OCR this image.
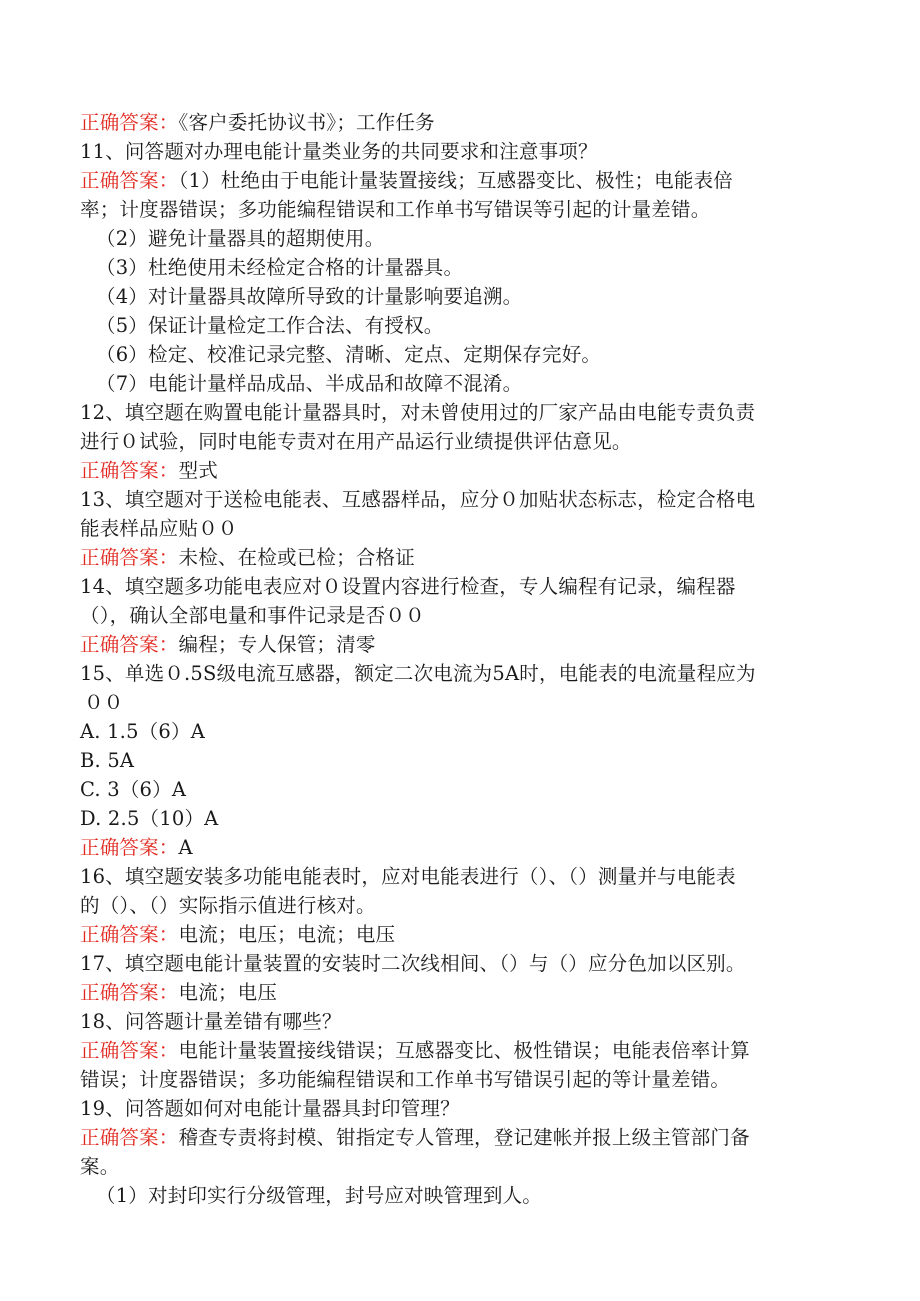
正确答案：《客户委托协议书》；工作任务
11、问答题对办理电能计量类业务的共同要求和注意事项？
正确答案：（1）杜绝由于电能计量装置接线；互感器变比、极性；电能表倍
率；计度器错误；多功能编程错误和工作单书写错误等引起的计量差错。
（2）避免计量器具的超期使用。
（3）杜绝使用未经检定合格的计量器具。
（4）对计量器具故障所导致的计量影响要追溯。
（5）保证计量检定工作合法、有授权。
（6）检定、校准记录完整、清晰、定点、定期保存完好。
（7）电能计量样品成品、半成品和故障不混淆。
12、填空题在购置电能计量器具时，对未曾使用过的厂家产品由电能专责负责
进行０试验，同时电能专责对在用产品运行业绩提供评估意见。
正确答案：型式
13、填空题对于送检电能表、互感器样品，应分０加贴状态标志，检定合格电
能表样品应贴００
正确答案：未检、在检或已检；合格证
14、填空题多功能电表应对０设置内容进行检查，专人编程有记录，编程器
（），确认全部电量和事件记录是否００
正确答案：编程；专人保管；清零
15、单选０.5S级电流互感器，额定二次电流为5A时，电能表的电流量程应为
００
A. 1.5（6）A
B. 5A
C. 3（6）A
D. 2.5（10）A
正确答案：A
16、填空题安装多功能电能表时，应对电能表进行（）、（）测量并与电能表
的（）、（）实际指示值进行核对。
正确答案：电流；电压；电流；电压
17、填空题电能计量装置的安装时二次线相间、（）与（）应分色加以区别。
正确答案：电流；电压
18、问答题计量差错有哪些？
正确答案：电能计量装置接线错误；互感器变比、极性错误；电能表倍率计算
错误；计度器错误；多功能编程错误和工作单书写错误引起的等计量差错。
19、问答题如何对电能计量器具封印管理？
正确答案：稽查专责将封模、钳指定专人管理，登记建帐并报上级主管部门备
案。
（1）对封印实行分级管理，封号应对映管理到人。
